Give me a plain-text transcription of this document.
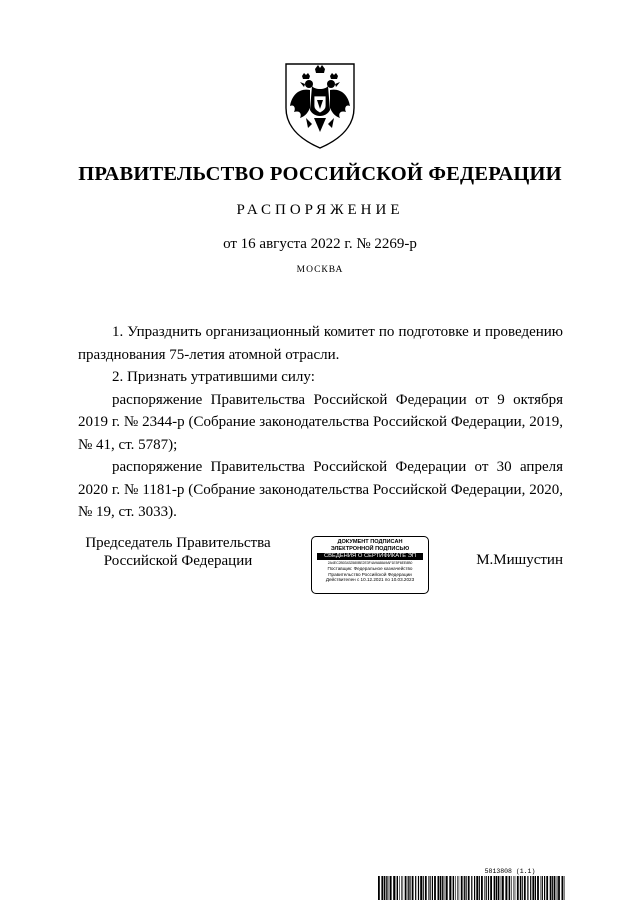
ПРАВИТЕЛЬСТВО РОССИЙСКОЙ ФЕДЕРАЦИИ
РАСПОРЯЖЕНИЕ
от 16 августа 2022 г. № 2269-р
МОСКВА

1. Упразднить организационный комитет по подготовке и проведению празднования 75-летия атомной отрасли.

2. Признать утратившими силу:

распоряжение Правительства Российской Федерации от 9 октября 2019 г. № 2344-р (Собрание законодательства Российской Федерации, 2019, № 41, ст. 5787);

распоряжение Правительства Российской Федерации от 30 апреля 2020 г. № 1181-р (Собрание законодательства Российской Федерации, 2020, № 19, ст. 3033).

Председатель Правительства
Российской Федерации
ДОКУМЕНТ ПОДПИСАН
ЭЛЕКТРОННОЙ ПОДПИСЬЮ
СВЕДЕНИЯ О СЕРТИФИКАТЕ ЭП
2A4EC2B03432580BE2E3F4A9A88A9AF1E5F6EE8B0
Поставщик: Федеральное казначейство
Правительство Российской Федерации
Действителен с 10.12.2021 по 10.03.2023
М.Мишустин
5813808 (1.1)
